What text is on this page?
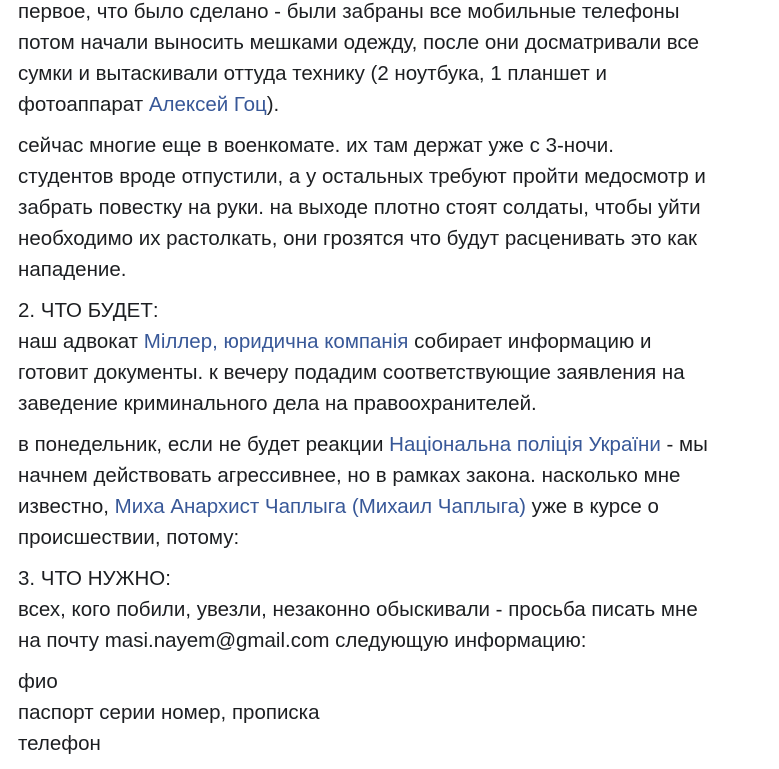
первое, что было сделано - были забраны все мобильные телефоны
потом начали выносить мешками одежду, после они досматривали все
сумки и вытаскивали оттуда технику (2 ноутбука, 1 планшет и
фотоаппарат Алексей Гоц).
сейчас многие еще в военкомате. их там держат уже с 3-ночи.
студентов вроде отпустили, а у остальных требуют пройти медосмотр и
забрать повестку на руки. на выходе плотно стоят солдаты, чтобы уйти
необходимо их растолкать, они грозятся что будут расценивать это как
нападение.
2. ЧТО БУДЕТ:
наш адвокат Міллер, юридична компанія собирает информацию и
готовит документы. к вечеру подадим соответствующие заявления на
заведение криминального дела на правоохранителей.
в понедельник, если не будет реакции Національна поліція України - мы
начнем действовать агрессивнее, но в рамках закона. насколько мне
известно, Миха Анархист Чаплыга (Михаил Чаплыга) уже в курсе о
происшествии, потому:
3. ЧТО НУЖНО:
всех, кого побили, увезли, незаконно обыскивали - просьба писать мне
на почту masi.nayem@gmail.com следующую информацию:
фио
паспорт серии номер, прописка
телефон
